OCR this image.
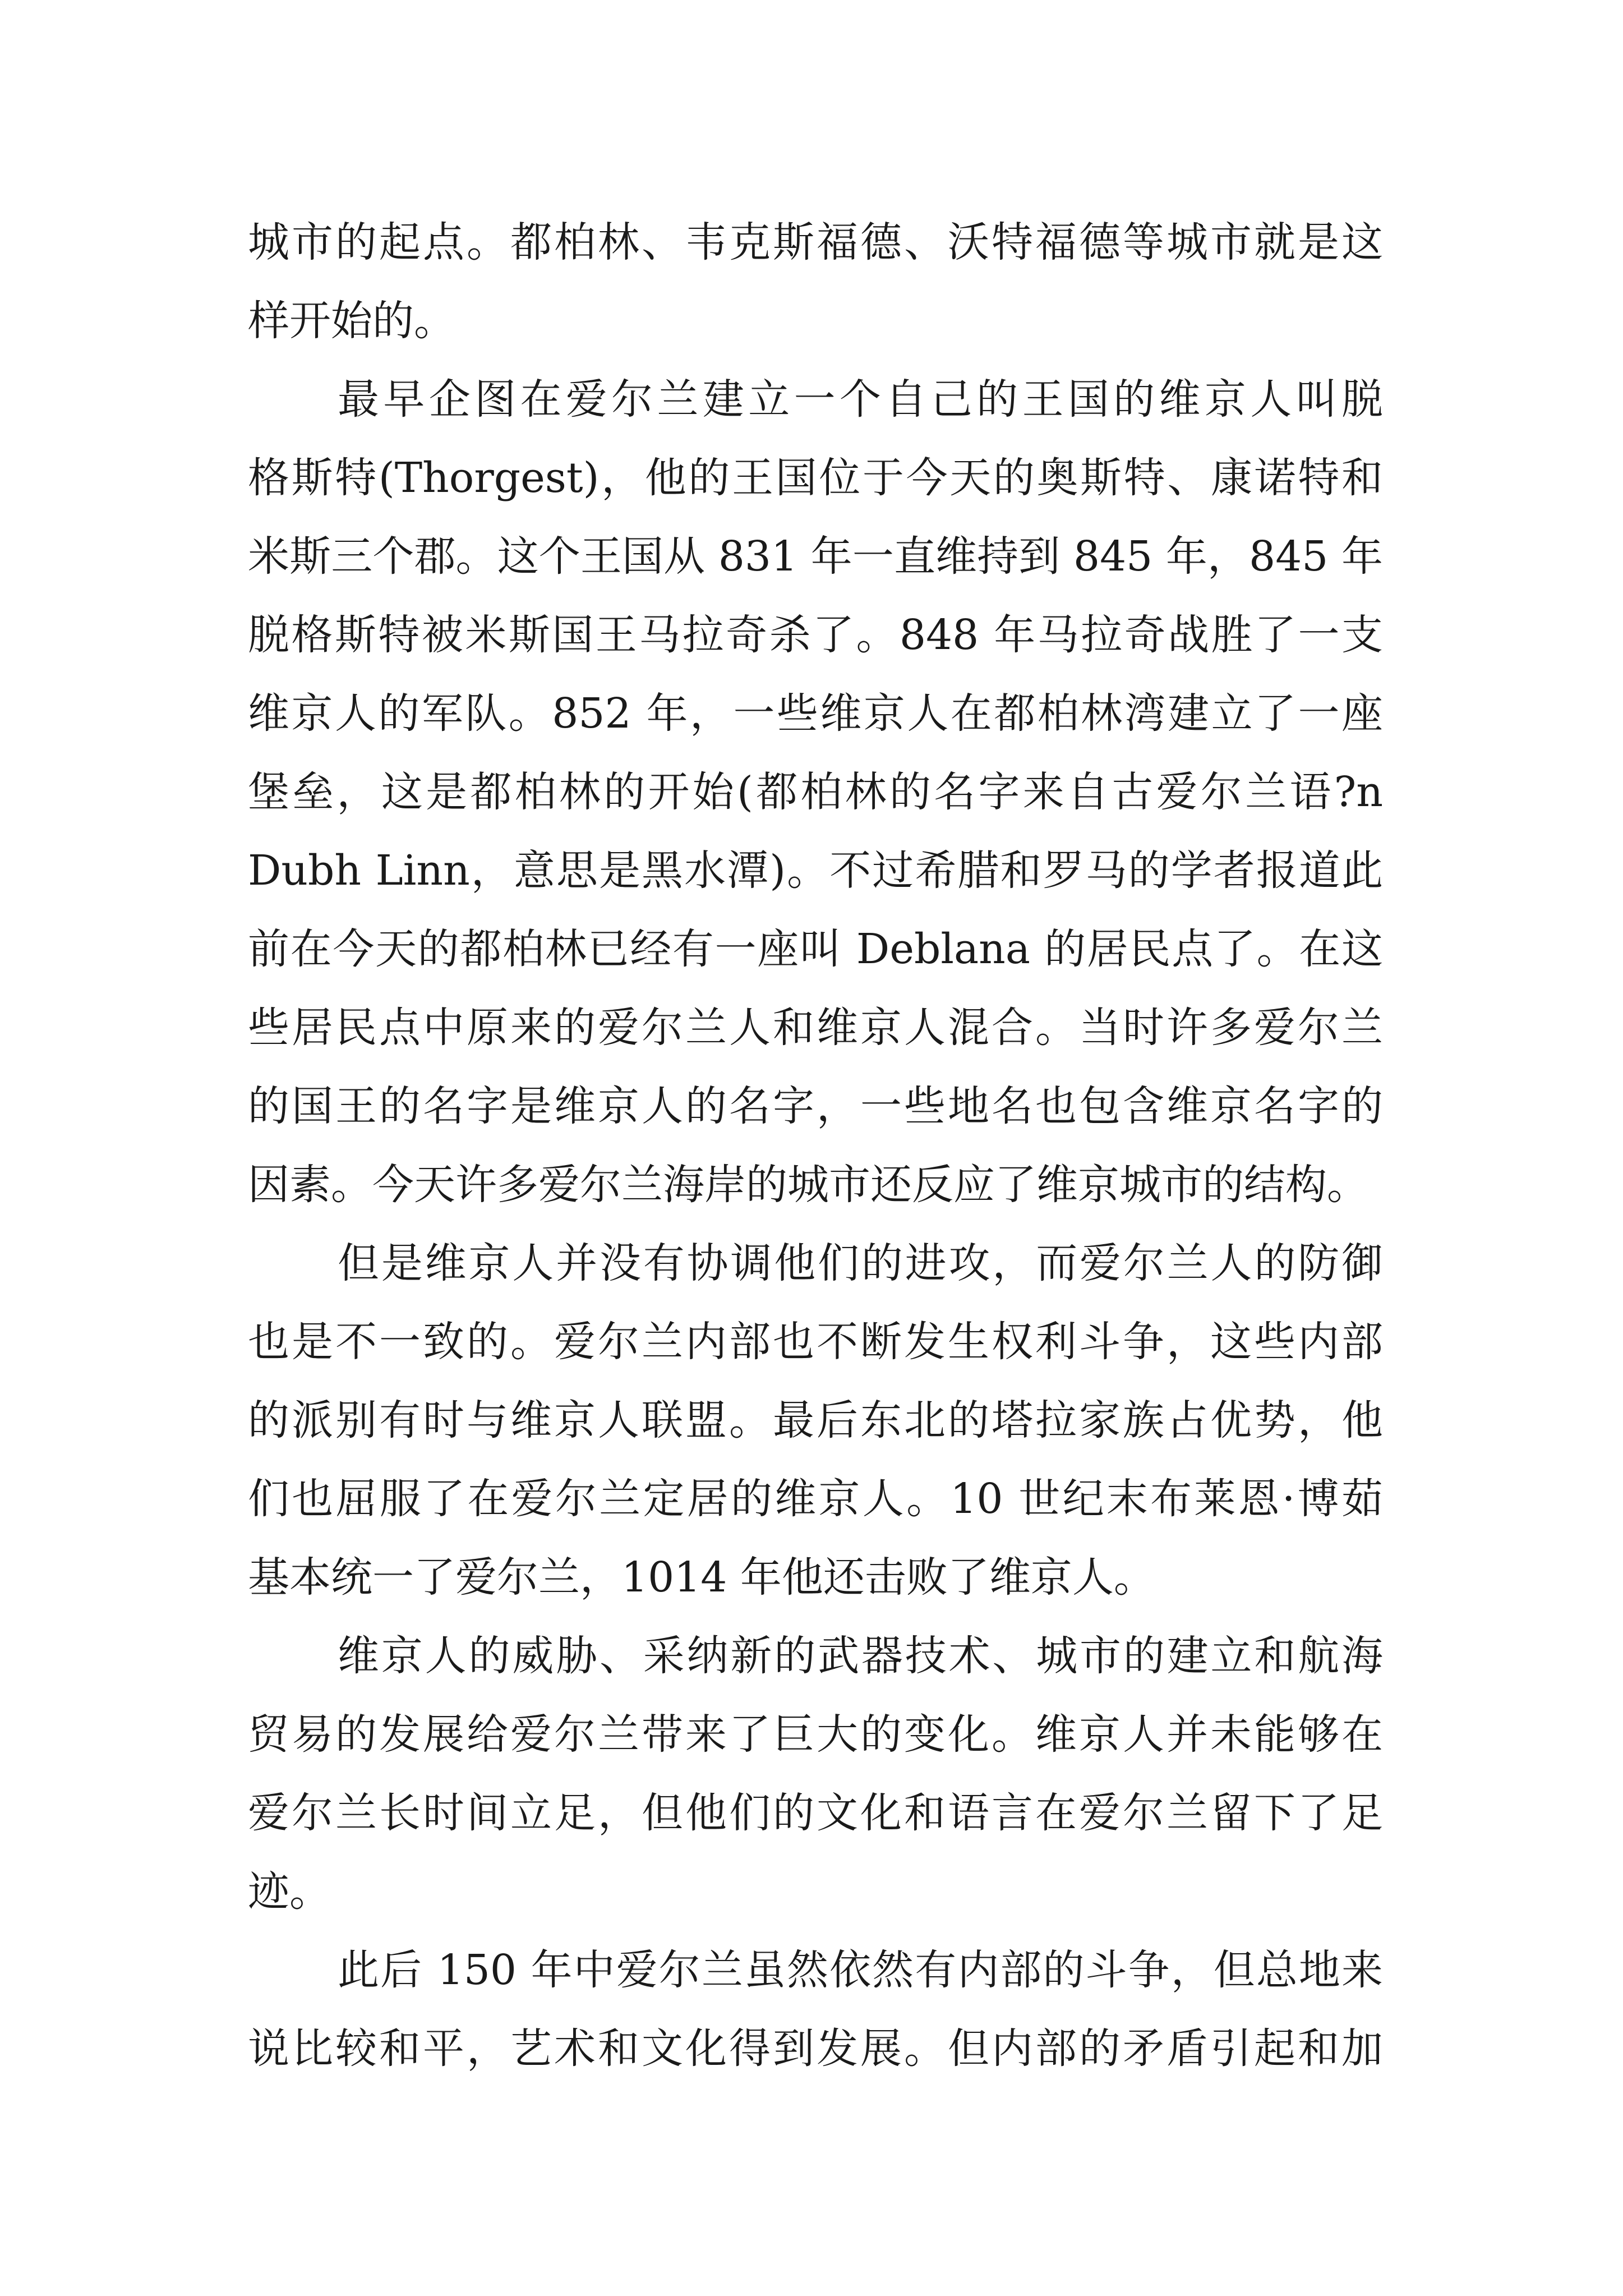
城市的起点。都柏林、韦克斯福德、沃特福德等城市就是这
样开始的。
最早企图在爱尔兰建立一个自己的王国的维京人叫脱
格斯特(Thorgest)，他的王国位于今天的奥斯特、康诺特和
米斯三个郡。这个王国从 831 年一直维持到 845 年，845 年
脱格斯特被米斯国王马拉奇杀了。848 年马拉奇战胜了一支
维京人的军队。852 年，一些维京人在都柏林湾建立了一座
堡垒，这是都柏林的开始(都柏林的名字来自古爱尔兰语?n
Dubh Linn，意思是黑水潭)。不过希腊和罗马的学者报道此
前在今天的都柏林已经有一座叫 Deblana 的居民点了。在这
些居民点中原来的爱尔兰人和维京人混合。当时许多爱尔兰
的国王的名字是维京人的名字，一些地名也包含维京名字的
因素。今天许多爱尔兰海岸的城市还反应了维京城市的结构。
但是维京人并没有协调他们的进攻，而爱尔兰人的防御
也是不一致的。爱尔兰内部也不断发生权利斗争，这些内部
的派别有时与维京人联盟。最后东北的塔拉家族占优势，他
们也屈服了在爱尔兰定居的维京人。10 世纪末布莱恩·博茹
基本统一了爱尔兰，1014 年他还击败了维京人。
维京人的威胁、采纳新的武器技术、城市的建立和航海
贸易的发展给爱尔兰带来了巨大的变化。维京人并未能够在
爱尔兰长时间立足，但他们的文化和语言在爱尔兰留下了足
迹。
此后 150 年中爱尔兰虽然依然有内部的斗争，但总地来
说比较和平，艺术和文化得到发展。但内部的矛盾引起和加
